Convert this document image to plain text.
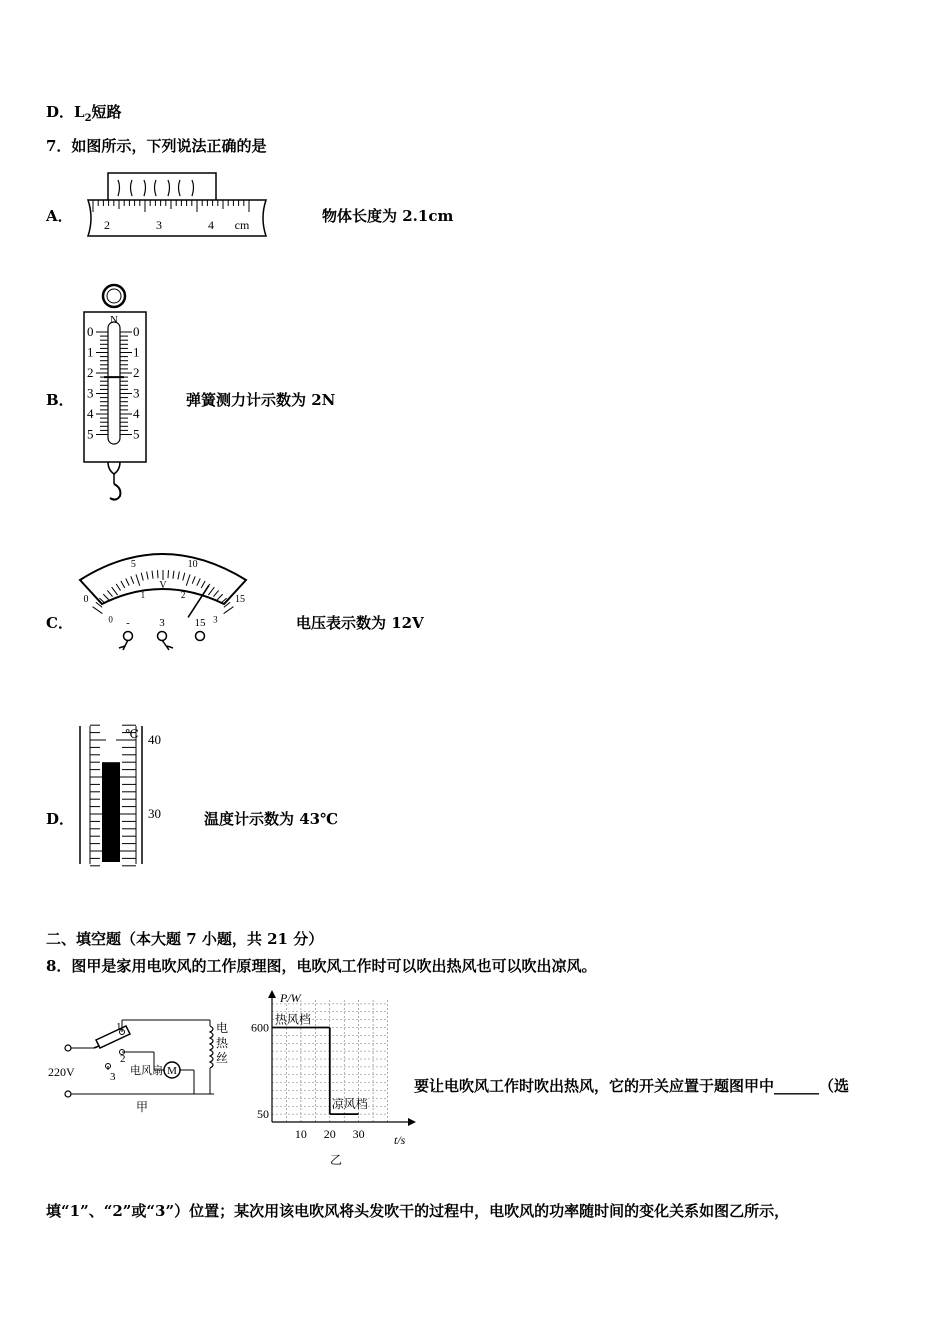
D．$L_2$短路
7．如图所示，下列说法正确的是
A．	2	3	4 cm	物体长度为 2.1cm
B．
N
0
1
2
3
4
5
0
1
2
3
4
5
弹簧测力计示数为 2N
C．
0
5	10
15
0
1	2
3
V
-	3	15	电压表示数为 12V
D．
℃ 40
30	温度计示数为 43℃
二、填空题（本大题 7 小题，共 21 分）
8．图甲是家用电吹风的工作原理图，电吹风工作时可以吹出热风也可以吹出凉风。
220V
1
2
3
电
热
丝
M
电风扇
甲
P/W
t/s
600
50
10 20 30
热风档
凉风档
乙
要让电吹风工作时吹出热风，它的开关应置于题图甲中______（选
填“1”、“2”或“3”）位置；某次用该电吹风将头发吹干的过程中，电吹风的功率随时间的变化关系如图乙所示，
